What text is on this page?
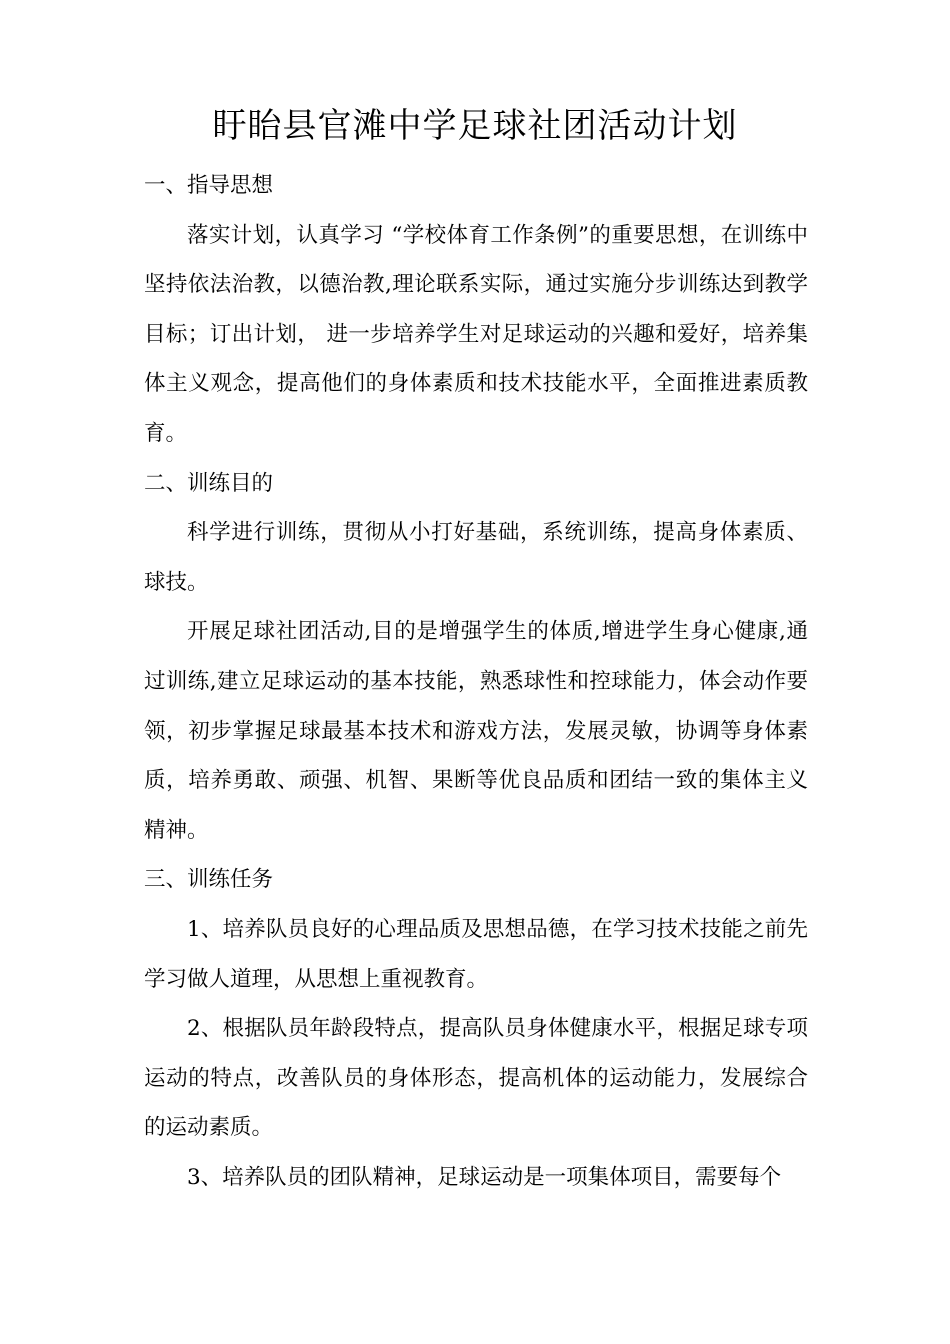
盱眙县官滩中学足球社团活动计划

一、指导思想

落实计划，认真学习 “学校体育工作条例”的重要思想，在训练中坚持依法治教，以德治教,理论联系实际，通过实施分步训练达到教学目标；订出计划， 进一步培养学生对足球运动的兴趣和爱好，培养集体主义观念，提高他们的身体素质和技术技能水平，全面推进素质教育。

二、训练目的

科学进行训练，贯彻从小打好基础，系统训练，提高身体素质、球技。

开展足球社团活动,目的是增强学生的体质,增进学生身心健康,通过训练,建立足球运动的基本技能，熟悉球性和控球能力，体会动作要领，初步掌握足球最基本技术和游戏方法，发展灵敏，协调等身体素质，培养勇敢、顽强、机智、果断等优良品质和团结一致的集体主义精神。

三、训练任务

1、培养队员良好的心理品质及思想品德，在学习技术技能之前先学习做人道理，从思想上重视教育。

2、根据队员年龄段特点，提高队员身体健康水平，根据足球专项运动的特点，改善队员的身体形态，提高机体的运动能力，发展综合的运动素质。

3、培养队员的团队精神，足球运动是一项集体项目，需要每个
